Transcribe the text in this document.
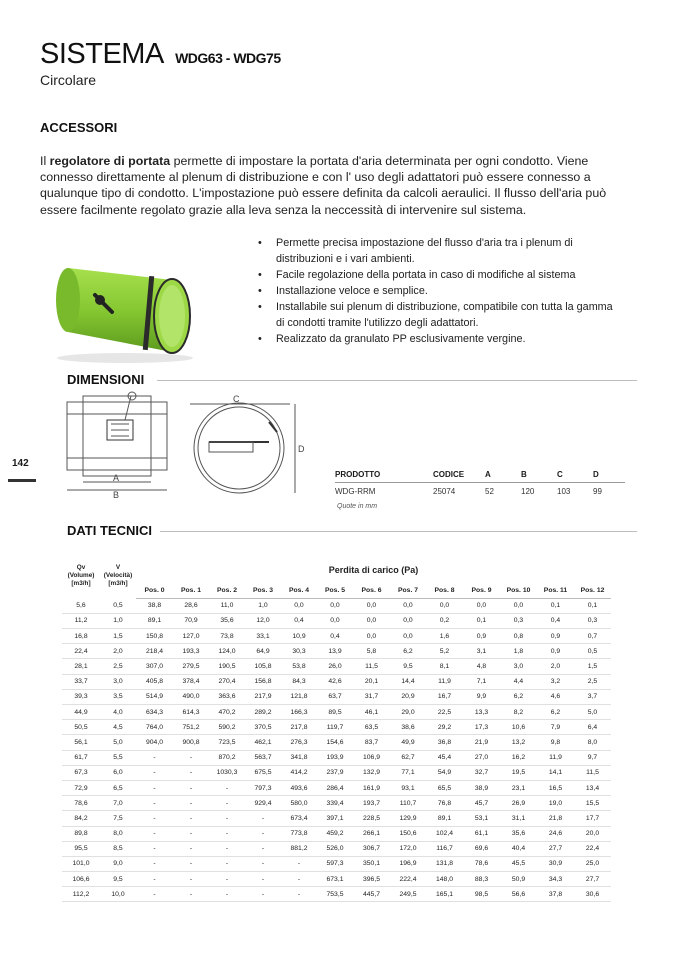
SISTEMA WDG63 - WDG75
Circolare
ACCESSORI

Il regolatore di portata permette di impostare la portata d'aria determinata per ogni condotto. Viene connesso direttamente al plenum di distribuzione e con l' uso degli adattatori può essere connesso a qualunque tipo di condotto. L'impostazione può essere definita da calcoli aeraulici. Il flusso dell'aria può essere facilmente regolato grazie alla leva senza la neccessità di intervenire sul sistema.

• Permette precisa impostazione del flusso d'aria tra i plenum di distribuzioni e i vari ambienti.
• Facile regolazione della portata in caso di modifiche al sistema
• Installazione veloce e semplice.
• Installabile sui plenum di distribuzione, compatibile con tutta la gamma di condotti tramite l'utilizzo degli adattatori.
• Realizzato da granulato PP esclusivamente vergine.
DIMENSIONI
A
B
C
D
142
PRODOTTO	CODICE	A	B	C	D
WDG-RRM	25074	52	120	103	99
Quote in mm
DATI TECNICI
Qv
(Volume)
[m3/h]	V
(Velocità)
[m3/h]	Perdita di carico (Pa)												
		Pos. 0	Pos. 1	Pos. 2	Pos. 3	Pos. 4	Pos. 5	Pos. 6	Pos. 7	Pos. 8	Pos. 9	Pos. 10	Pos. 11	Pos. 12
5,6	0,5	38,8	28,6	11,0	1,0	0,0	0,0	0,0	0,0	0,0	0,0	0,0	0,1	0,1
11,2	1,0	89,1	70,9	35,6	12,0	0,4	0,0	0,0	0,0	0,2	0,1	0,3	0,4	0,3
16,8	1,5	150,8	127,0	73,8	33,1	10,9	0,4	0,0	0,0	1,6	0,9	0,8	0,9	0,7
22,4	2,0	218,4	193,3	124,0	64,9	30,3	13,9	5,8	6,2	5,2	3,1	1,8	0,9	0,5
28,1	2,5	307,0	279,5	190,5	105,8	53,8	26,0	11,5	9,5	8,1	4,8	3,0	2,0	1,5
33,7	3,0	405,8	378,4	270,4	156,8	84,3	42,6	20,1	14,4	11,9	7,1	4,4	3,2	2,5
39,3	3,5	514,9	490,0	363,6	217,9	121,8	63,7	31,7	20,9	16,7	9,9	6,2	4,6	3,7
44,9	4,0	634,3	614,3	470,2	289,2	166,3	89,5	46,1	29,0	22,5	13,3	8,2	6,2	5,0
50,5	4,5	764,0	751,2	590,2	370,5	217,8	119,7	63,5	38,6	29,2	17,3	10,6	7,9	6,4
56,1	5,0	904,0	900,8	723,5	462,1	276,3	154,6	83,7	49,9	36,8	21,9	13,2	9,8	8,0
61,7	5,5	-	-	870,2	563,7	341,8	193,9	106,9	62,7	45,4	27,0	16,2	11,9	9,7
67,3	6,0	-	-	1030,3	675,5	414,2	237,9	132,9	77,1	54,9	32,7	19,5	14,1	11,5
72,9	6,5	-	-	-	797,3	493,6	286,4	161,9	93,1	65,5	38,9	23,1	16,5	13,4
78,6	7,0	-	-	-	929,4	580,0	339,4	193,7	110,7	76,8	45,7	26,9	19,0	15,5
84,2	7,5	-	-	-	-	673,4	397,1	228,5	129,9	89,1	53,1	31,1	21,8	17,7
89,8	8,0	-	-	-	-	773,8	459,2	266,1	150,6	102,4	61,1	35,6	24,6	20,0
95,5	8,5	-	-	-	-	881,2	526,0	306,7	172,0	116,7	69,6	40,4	27,7	22,4
101,0	9,0	-	-	-	-	-	597,3	350,1	196,9	131,8	78,6	45,5	30,9	25,0
106,6	9,5	-	-	-	-	-	673,1	396,5	222,4	148,0	88,3	50,9	34,3	27,7
112,2	10,0	-	-	-	-	-	753,5	445,7	249,5	165,1	98,5	56,6	37,8	30,6
